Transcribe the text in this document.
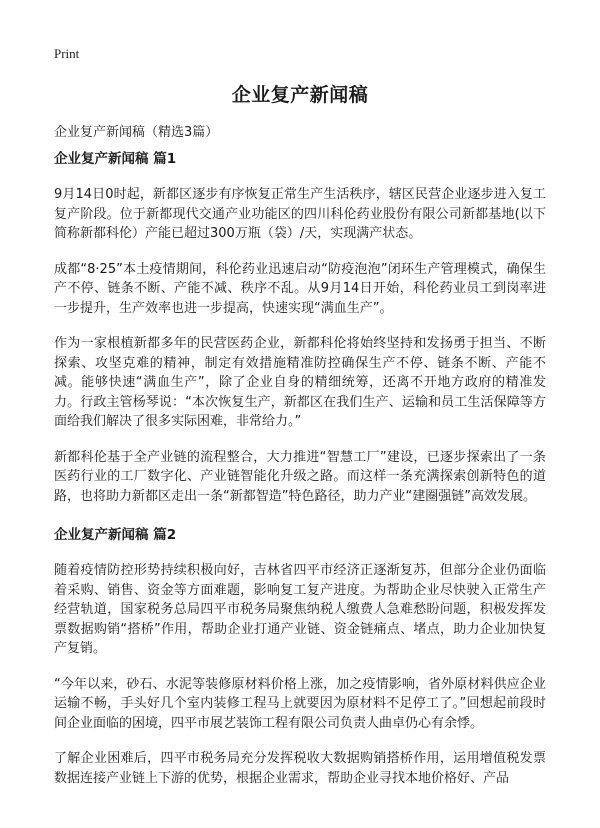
Print
企业复产新闻稿

企业复产新闻稿（精选3篇）

企业复产新闻稿 篇1

9月14日0时起，新都区逐步有序恢复正常生产生活秩序，辖区民营企业逐步进入复工复产阶段。位于新都现代交通产业功能区的四川科伦药业股份有限公司新都基地(以下简称新都科伦）产能已超过300万瓶（袋）/天，实现满产状态。

成都“8·25”本土疫情期间，科伦药业迅速启动“防疫泡泡”闭环生产管理模式，确保生产不停、链条不断、产能不减、秩序不乱。从9月14日开始，科伦药业员工到岗率进一步提升，生产效率也进一步提高，快速实现“满血生产”。

作为一家根植新都多年的民营医药企业，新都科伦将始终坚持和发扬勇于担当、不断探索、攻坚克难的精神，制定有效措施精准防控确保生产不停、链条不断、产能不减。能够快速“满血生产”，除了企业自身的精细统筹，还离不开地方政府的精准发力。行政主管杨琴说：“本次恢复生产，新都区在我们生产、运输和员工生活保障等方面给我们解决了很多实际困难，非常给力。”

新都科伦基于全产业链的流程整合，大力推进“智慧工厂”建设，已逐步探索出了一条医药行业的工厂数字化、产业链智能化升级之路。而这样一条充满探索创新特色的道路，也将助力新都区走出一条“新都智造”特色路径，助力产业“建圈强链”高效发展。

企业复产新闻稿 篇2

随着疫情防控形势持续积极向好，吉林省四平市经济正逐渐复苏，但部分企业仍面临着采购、销售、资金等方面难题，影响复工复产进度。为帮助企业尽快驶入正常生产经营轨道，国家税务总局四平市税务局聚焦纳税人缴费人急难愁盼问题，积极发挥发票数据购销“搭桥”作用，帮助企业打通产业链、资金链痛点、堵点，助力企业加快复产复销。

“今年以来，砂石、水泥等装修原材料价格上涨，加之疫情影响，省外原材料供应企业运输不畅，手头好几个室内装修工程马上就要因为原材料不足停工了。”回想起前段时间企业面临的困境，四平市展艺装饰工程有限公司负责人曲卓仍心有余悸。

了解企业困难后，四平市税务局充分发挥税收大数据购销搭桥作用，运用增值税发票数据连接产业链上下游的优势，根据企业需求，帮助企业寻找本地价格好、产品
